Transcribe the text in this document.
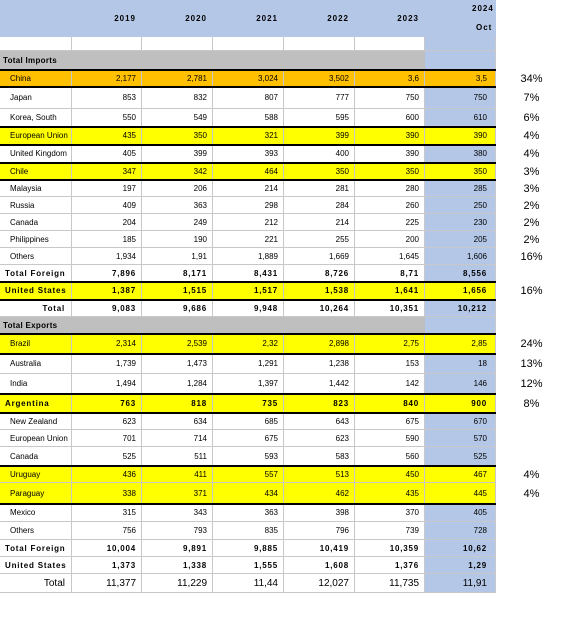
2019	2020	2021	2022	2023
2024
Oct
Total Imports
China	2,177	2,781	3,024	3,502	3,6	3,5	34%
Japan	853	832	807	777	750	750	7%
Korea, South	550	549	588	595	600	610	6%
European Union	435	350	321	399	390	390	4%
United Kingdom	405	399	393	400	390	380	4%
Chile	347	342	464	350	350	350	3%
Malaysia	197	206	214	281	280	285	3%
Russia	409	363	298	284	260	250	2%
Canada	204	249	212	214	225	230	2%
Philippines	185	190	221	255	200	205	2%
Others	1,934	1,91	1,889	1,669	1,645	1,606	16%
Total Foreign	7,896	8,171	8,431	8,726	8,71	8,556
United States	1,387	1,515	1,517	1,538	1,641	1,656	16%
Total	9,083	9,686	9,948	10,264	10,351	10,212
Total Exports
Brazil	2,314	2,539	2,32	2,898	2,75	2,85	24%
Australia	1,739	1,473	1,291	1,238	153	18	13%
India	1,494	1,284	1,397	1,442	142	146	12%
Argentina	763	818	735	823	840	900	8%
New Zealand	623	634	685	643	675	670
European Union	701	714	675	623	590	570
Canada	525	511	593	583	560	525
Uruguay	436	411	557	513	450	467	4%
Paraguay	338	371	434	462	435	445	4%
Mexico	315	343	363	398	370	405
Others	756	793	835	796	739	728
Total Foreign	10,004	9,891	9,885	10,419	10,359	10,62
United States	1,373	1,338	1,555	1,608	1,376	1,29
Total	11,377	11,229	11,44	12,027	11,735	11,91
